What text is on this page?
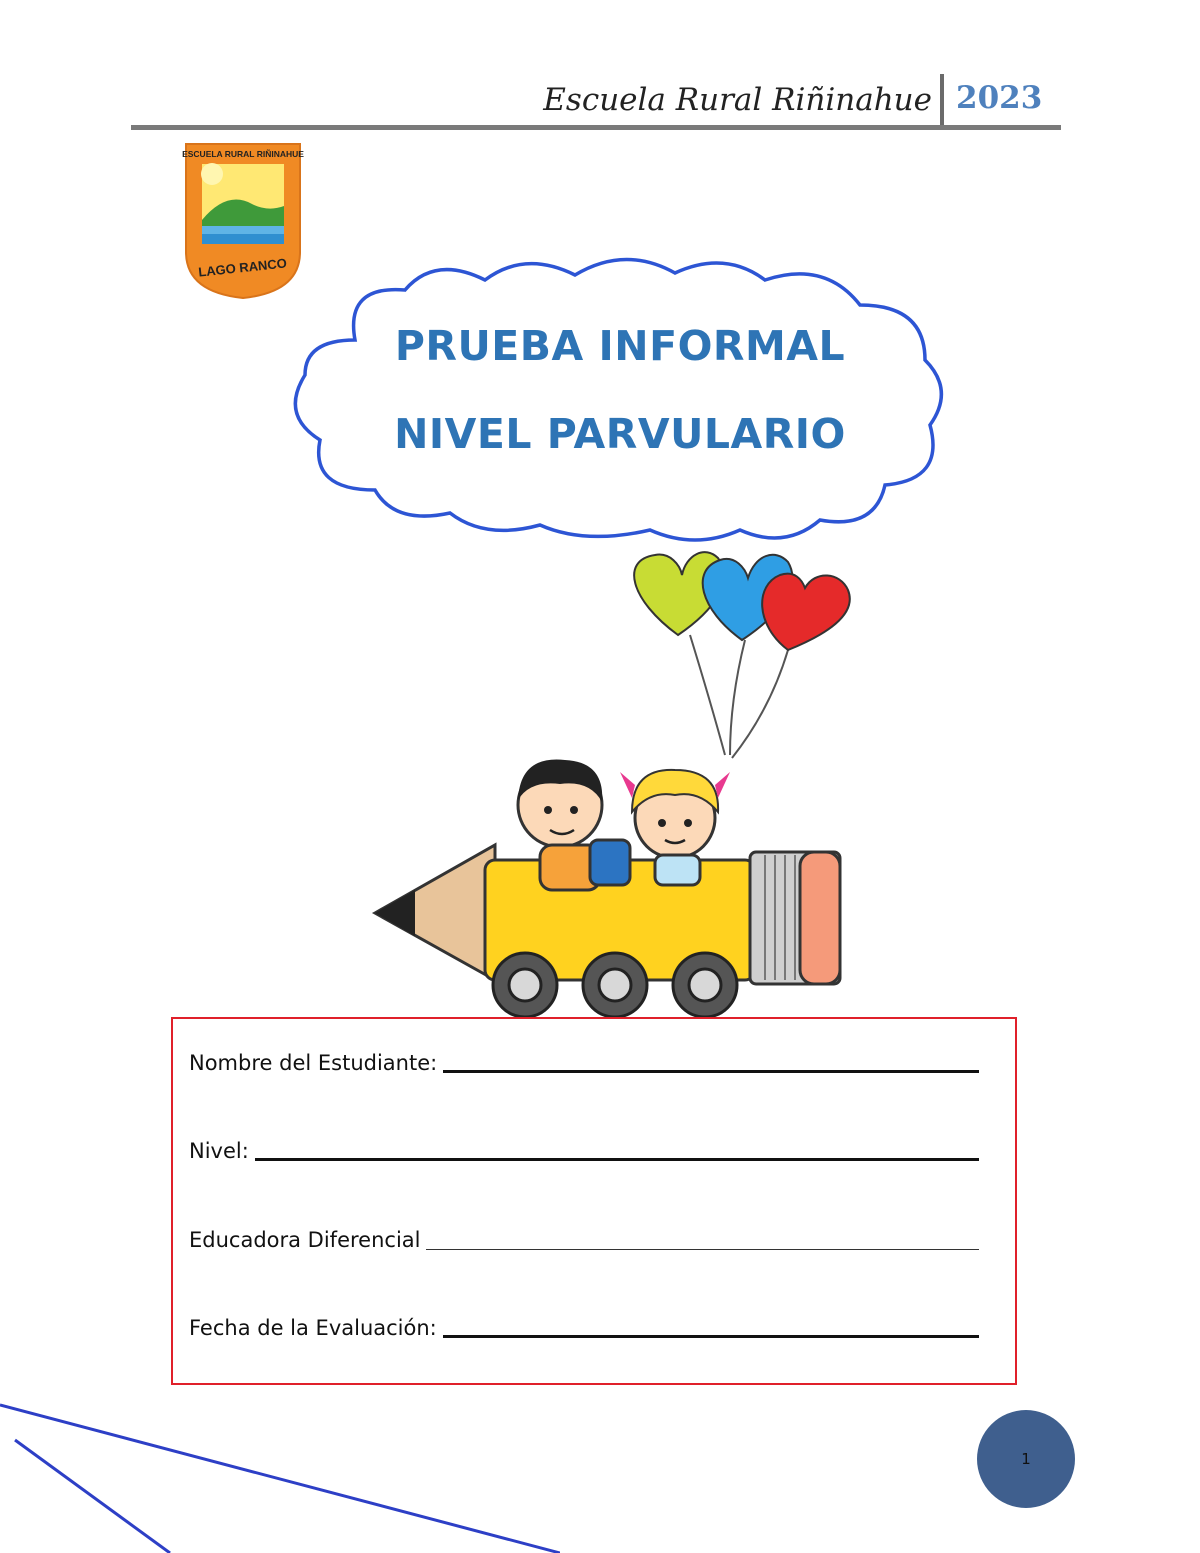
Escuela Rural Riñinahue 2023
ESCUELA RURAL RIÑINAHUE
LAGO RANCO
PRUEBA INFORMAL
NIVEL PARVULARIO
Nombre del Estudiante:
Nivel:
Educadora Diferencial
Fecha de la Evaluación:
1
